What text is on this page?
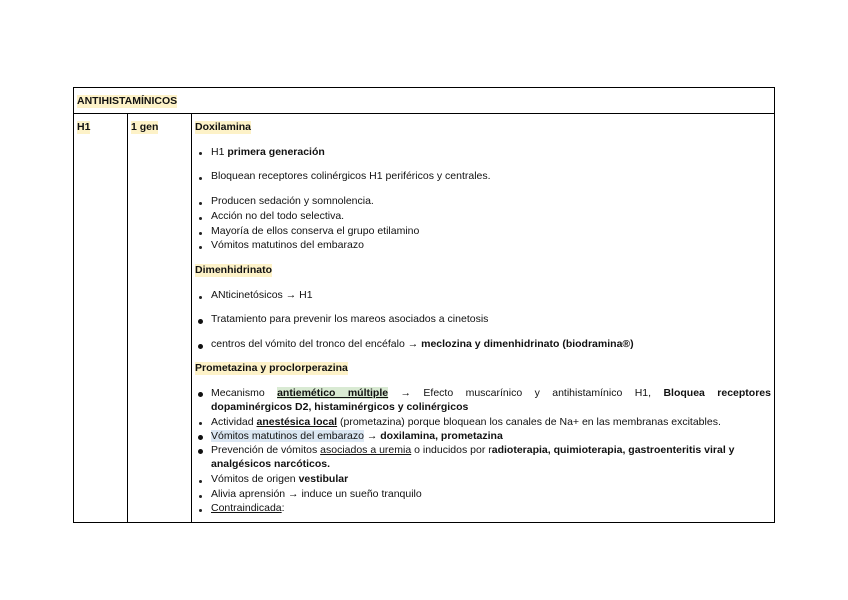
ANTIHISTAMÍNICOS
H1	1 gen	Doxilamina
H1 primera generación
Bloquean receptores colinérgicos H1 periféricos y centrales.
Producen sedación y somnolencia.
Acción no del todo selectiva.
Mayoría de ellos conserva el grupo etilamino
Vómitos matutinos del embarazo
Dimenhidrinato
ANticinetósicos → H1
Tratamiento para prevenir los mareos asociados a cinetosis
centros del vómito del tronco del encéfalo → meclozina y dimenhidrinato (biodramina®)
Prometazina y proclorperazina
Mecanismo antiemético múltiple → Efecto muscarínico y antihistamínico H1, Bloquea receptores
dopaminérgicos D2, histaminérgicos y colinérgicos
Actividad anestésica local (prometazina) porque bloquean los canales de Na+ en las membranas excitables.
Vómitos matutinos del embarazo → doxilamina, prometazina
Prevención de vómitos asociados a uremia o inducidos por radioterapia, quimioterapia, gastroenteritis viral y
analgésicos narcóticos.
Vómitos de origen vestibular
Alivia aprensión → induce un sueño tranquilo
Contraindicada:
